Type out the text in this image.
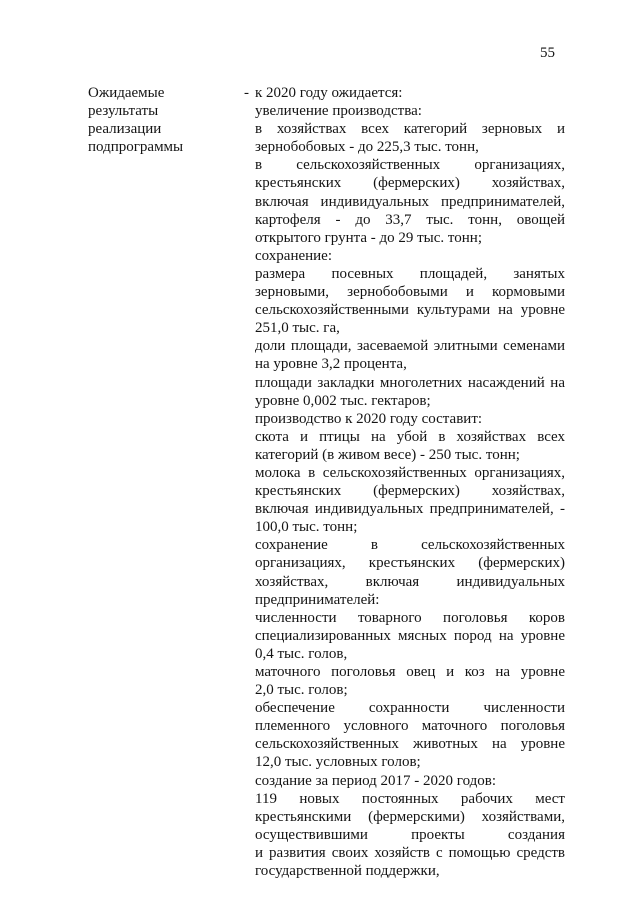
55
Ожидаемые
результаты
реализации
подпрограммы
- к 2020 году ожидается:
увеличение производства:
в хозяйствах всех категорий зерновых и
зернобобовых - до 225,3 тыс. тонн,
в сельскохозяйственных организациях,
крестьянских (фермерских) хозяйствах,
включая индивидуальных предпринимателей,
картофеля - до 33,7 тыс. тонн, овощей
открытого грунта - до 29 тыс. тонн;
сохранение:
размера посевных площадей, занятых
зерновыми, зернобобовыми и кормовыми
сельскохозяйственными культурами на уровне
251,0 тыс. га,
доли площади, засеваемой элитными семенами
на уровне 3,2 процента,
площади закладки многолетних насаждений на
уровне 0,002 тыс. гектаров;
производство к 2020 году составит:
скота и птицы на убой в хозяйствах всех
категорий (в живом весе) - 250 тыс. тонн;
молока в сельскохозяйственных организациях,
крестьянских (фермерских) хозяйствах,
включая индивидуальных предпринимателей, -
100,0 тыс. тонн;
сохранение в сельскохозяйственных
организациях, крестьянских (фермерских)
хозяйствах, включая индивидуальных
предпринимателей:
численности товарного поголовья коров
специализированных мясных пород на уровне
0,4 тыс. голов,
маточного поголовья овец и коз на уровне
2,0 тыс. голов;
обеспечение сохранности численности
племенного условного маточного поголовья
сельскохозяйственных животных на уровне
12,0 тыс. условных голов;
создание за период 2017 - 2020 годов:
119 новых постоянных рабочих мест
крестьянскими (фермерскими) хозяйствами,
осуществившими проекты создания
и развития своих хозяйств с помощью средств
государственной поддержки,
